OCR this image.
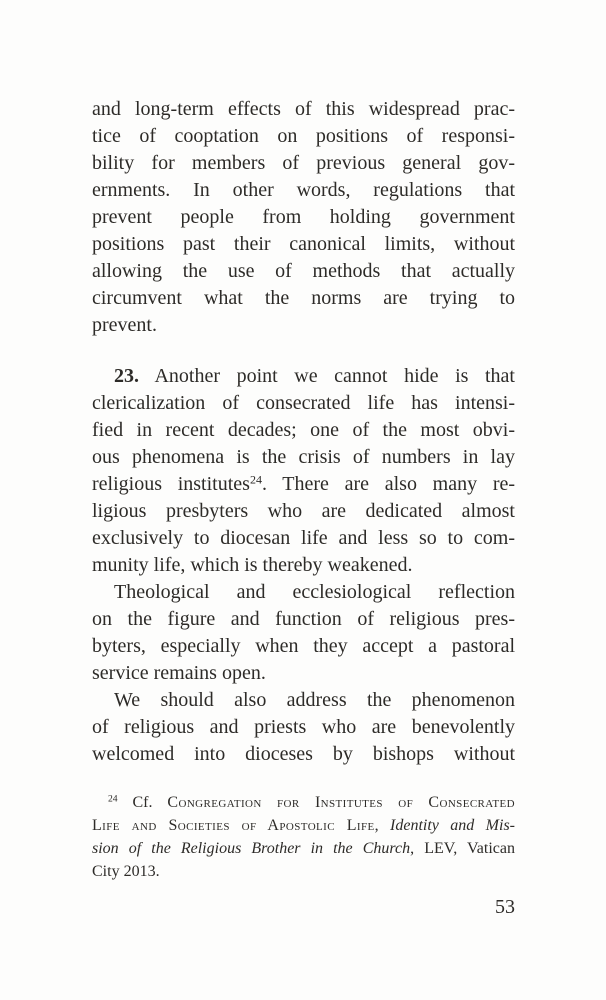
and long-term effects of this widespread prac-
tice of cooptation on positions of responsi-
bility for members of previous general gov-
ernments. In other words, regulations that
prevent people from holding government
positions past their canonical limits, without
allowing the use of methods that actually
circumvent what the norms are trying to
prevent.

23. Another point we cannot hide is that
clericalization of consecrated life has intensi-
fied in recent decades; one of the most obvi-
ous phenomena is the crisis of numbers in lay
religious institutes$^{24}$. There are also many re-
ligious presbyters who are dedicated almost
exclusively to diocesan life and less so to com-
munity life, which is thereby weakened.

Theological and ecclesiological reflection
on the figure and function of religious pres-
byters, especially when they accept a pastoral
service remains open.

We should also address the phenomenon
of religious and priests who are benevolently
welcomed into dioceses by bishops without

$^{24}$ Cf. Congregation for Institutes of Consecrated
Life and Societies of Apostolic Life, Identity and Mis-
sion of the Religious Brother in the Church, LEV, Vatican
City 2013.
53
